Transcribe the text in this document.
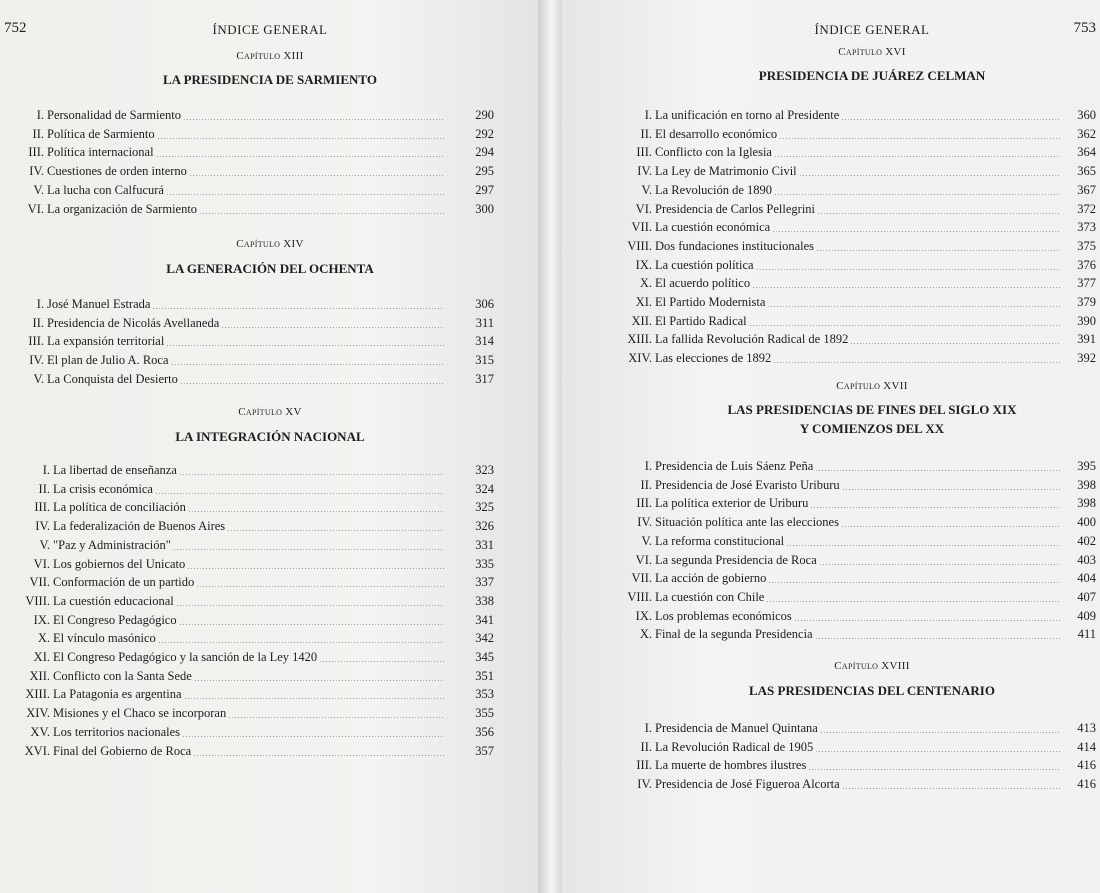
752	ÍNDICE GENERAL
Capítulo XIII
LA PRESIDENCIA DE SARMIENTO
I. Personalidad de Sarmiento	290
II. Política de Sarmiento	292
III. Política internacional	294
IV. Cuestiones de orden interno	295
V. La lucha con Calfucurá	297
VI. La organización de Sarmiento	300
Capítulo XIV
LA GENERACIÓN DEL OCHENTA
I. José Manuel Estrada	306
II. Presidencia de Nicolás Avellaneda	311
III. La expansión territorial	314
IV. El plan de Julio A. Roca	315
V. La Conquista del Desierto	317
Capítulo XV
LA INTEGRACIÓN NACIONAL
I. La libertad de enseñanza	323
II. La crisis económica	324
III. La política de conciliación	325
IV. La federalización de Buenos Aires	326
V. "Paz y Administración"	331
VI. Los gobiernos del Unicato	335
VII. Conformación de un partido	337
VIII. La cuestión educacional	338
IX. El Congreso Pedagógico	341
X. El vínculo masónico	342
XI. El Congreso Pedagógico y la sanción de la Ley 1420	345
XII. Conflicto con la Santa Sede	351
XIII. La Patagonia es argentina	353
XIV. Misiones y el Chaco se incorporan	355
XV. Los territorios nacionales	356
XVI. Final del Gobierno de Roca	357
753
ÍNDICE GENERAL
Capítulo XVI
PRESIDENCIA DE JUÁREZ CELMAN
I. La unificación en torno al Presidente	360
II. El desarrollo económico	362
III. Conflicto con la Iglesia	364
IV. La Ley de Matrimonio Civil	365
V. La Revolución de 1890	367
VI. Presidencia de Carlos Pellegrini	372
VII. La cuestión económica	373
VIII. Dos fundaciones institucionales	375
IX. La cuestión política	376
X. El acuerdo político	377
XI. El Partido Modernista	379
XII. El Partido Radical	390
XIII. La fallida Revolución Radical de 1892	391
XIV. Las elecciones de 1892	392
Capítulo XVII
LAS PRESIDENCIAS DE FINES DEL SIGLO XIX
Y COMIENZOS DEL XX
I. Presidencia de Luis Sáenz Peña	395
II. Presidencia de José Evaristo Uriburu	398
III. La política exterior de Uriburu	398
IV. Situación política ante las elecciones	400
V. La reforma constitucional	402
VI. La segunda Presidencia de Roca	403
VII. La acción de gobierno	404
VIII. La cuestión con Chile	407
IX. Los problemas económicos	409
X. Final de la segunda Presidencia	411
Capítulo XVIII
LAS PRESIDENCIAS DEL CENTENARIO
I. Presidencia de Manuel Quintana	413
II. La Revolución Radical de 1905	414
III. La muerte de hombres ilustres	416
IV. Presidencia de José Figueroa Alcorta	416
